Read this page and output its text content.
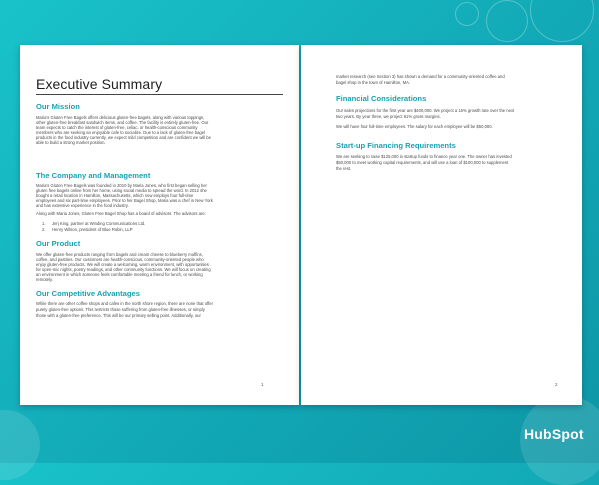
Executive Summary
Our Mission
Maria's Gluten Free Bagels offers delicious gluten-free bagels, along with various toppings,
other gluten-free breakfast sandwich items, and coffee. The facility is entirely gluten-free. Our
team expects to catch the interest of gluten-free, celiac, or health-conscious community
members who are seeking an enjoyable cafe to socialize. Due to a lack of gluten-free bagel
products in the food industry currently, we expect mild competition and are confident we will be
able to build a strong market position.
The Company and Management
Maria's Gluten Free Bagels was founded in 2010 by Maria Jones, who first began selling her
gluten free bagels online from her home, using social media to spread the word. In 2012 she
bought a retail location in Hamilton, Massachusetts, which now employs four full-time
employees and six part-time employees. Prior to her Bagel Shop, Maria was a chef in New York
and has extensive experience in the food industry.
Along with Maria Jones, Gluten Free Bagel Shop has a board of advisors. The advisors are:
1. Jerj King, partner at Winding Communications Ltd.
2. Henry Wilson, president of Blue Robin, LLP
Our Product
We offer gluten-free products ranging from bagels and cream cheese to blueberry muffins,
coffee, and pastries. Our customers are health-conscious, community-oriented people who
enjoy gluten-free products. We will create a welcoming, warm environment, with opportunities
for open-mic nights, poetry readings, and other community functions. We will focus on creating
an environment in which someone feels comfortable meeting a friend for lunch, or working
remotely.
Our Competitive Advantages
While there are other coffee shops and cafes in the north shore region, there are none that offer
purely gluten-free options. This restricts those suffering from gluten-free illnesses, or simply
those with a gluten-free preference. This will be our primary selling point. Additionally, our
1
market research (see Section 3) has shown a demand for a community-oriented coffee and
bagel shop in the town of Hamilton, MA.
Financial Considerations
Our sales projections for the first year are $400,000. We project a 15% growth rate over the next
two years. By year three, we project 61% gross margins.
We will have four full-time employees. The salary for each employee will be $50,000.
Start-up Financing Requirements
We are seeking to raise $125,000 in startup funds to finance year one. The owner has invested
$50,000 to meet working capital requirements, and will use a loan of $100,000 to supplement
the rest.
2
HubSpot
